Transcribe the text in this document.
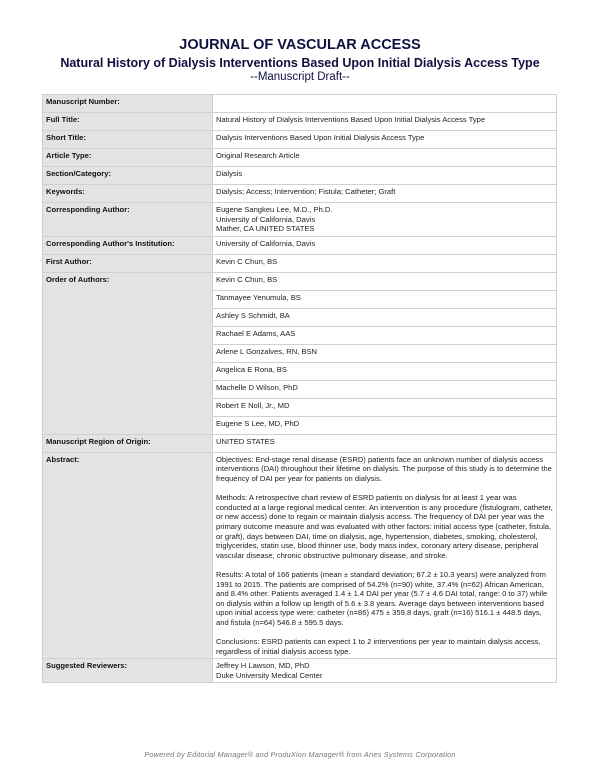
JOURNAL OF VASCULAR ACCESS
Natural History of Dialysis Interventions Based Upon Initial Dialysis Access Type
--Manuscript Draft--
Manuscript Number:	
Full Title:	Natural History of Dialysis Interventions Based Upon Initial Dialysis Access Type
Short Title:	Dialysis Interventions Based Upon Initial Dialysis Access Type
Article Type:	Original Research Article
Section/Category:	Dialysis
Keywords:	Dialysis; Access; Intervention; Fistula; Catheter; Graft
Corresponding Author:	Eugene Sangkeu Lee, M.D., Ph.D.
University of California, Davis
Mather, CA UNITED STATES

Corresponding Author's Institution:	University of California, Davis
First Author:	Kevin C Chun, BS
Order of Authors:	Kevin C Chun, BS
	Tanmayee Yenumula, BS
	Ashley S Schmidt, BA
	Rachael E Adams, AAS
	Arlene L Gonzalves, RN, BSN
	Angelica E Rona, BS
	Machelle D Wilson, PhD
	Robert E Noll, Jr., MD
	Eugene S Lee, MD, PhD
Manuscript Region of Origin:	UNITED STATES
Abstract:	Objectives: End-stage renal disease (ESRD) patients face an unknown number of dialysis access interventions (DAI) throughout their lifetime on dialysis. The purpose of this study is to determine the frequency of DAI per year for patients on dialysis.
Methods: A retrospective chart review of ESRD patients on dialysis for at least 1 year was conducted at a large regional medical center. An intervention is any procedure (fistulogram, catheter, or new access) done to regain or maintain dialysis access. The frequency of DAI per year was the primary outcome measure and was evaluated with other factors: initial access type (catheter, fistula, or graft), days between DAI, time on dialysis, age, hypertension, diabetes, smoking, cholesterol, triglycerides, statin use, blood thinner use, body mass index, coronary artery disease, peripheral vascular disease, chronic obstructive pulmonary disease, and stroke.
Results: A total of 166 patients (mean ± standard deviation; 67.2 ± 10.3 years) were analyzed from 1991 to 2015. The patients are comprised of 54.2% (n=90) white, 37.4% (n=62) African American, and 8.4% other. Patients averaged 1.4 ± 1.4 DAI per year (5.7 ± 4.6 DAI total, range: 0 to 37) while on dialysis within a follow up length of 5.6 ± 3.8 years. Average days between interventions based upon initial access type were: catheter (n=86) 475 ± 359.8 days, graft (n=16) 516.1 ± 448.5 days, and fistula (n=64) 546.8 ± 595.5 days.
Conclusions: ESRD patients can expect 1 to 2 interventions per year to maintain dialysis access, regardless of initial dialysis access type.

Suggested Reviewers:	Jeffrey H Lawson, MD, PhD
Duke University Medical Center
Powered by Editorial Manager® and ProduXion Manager® from Aries Systems Corporation
